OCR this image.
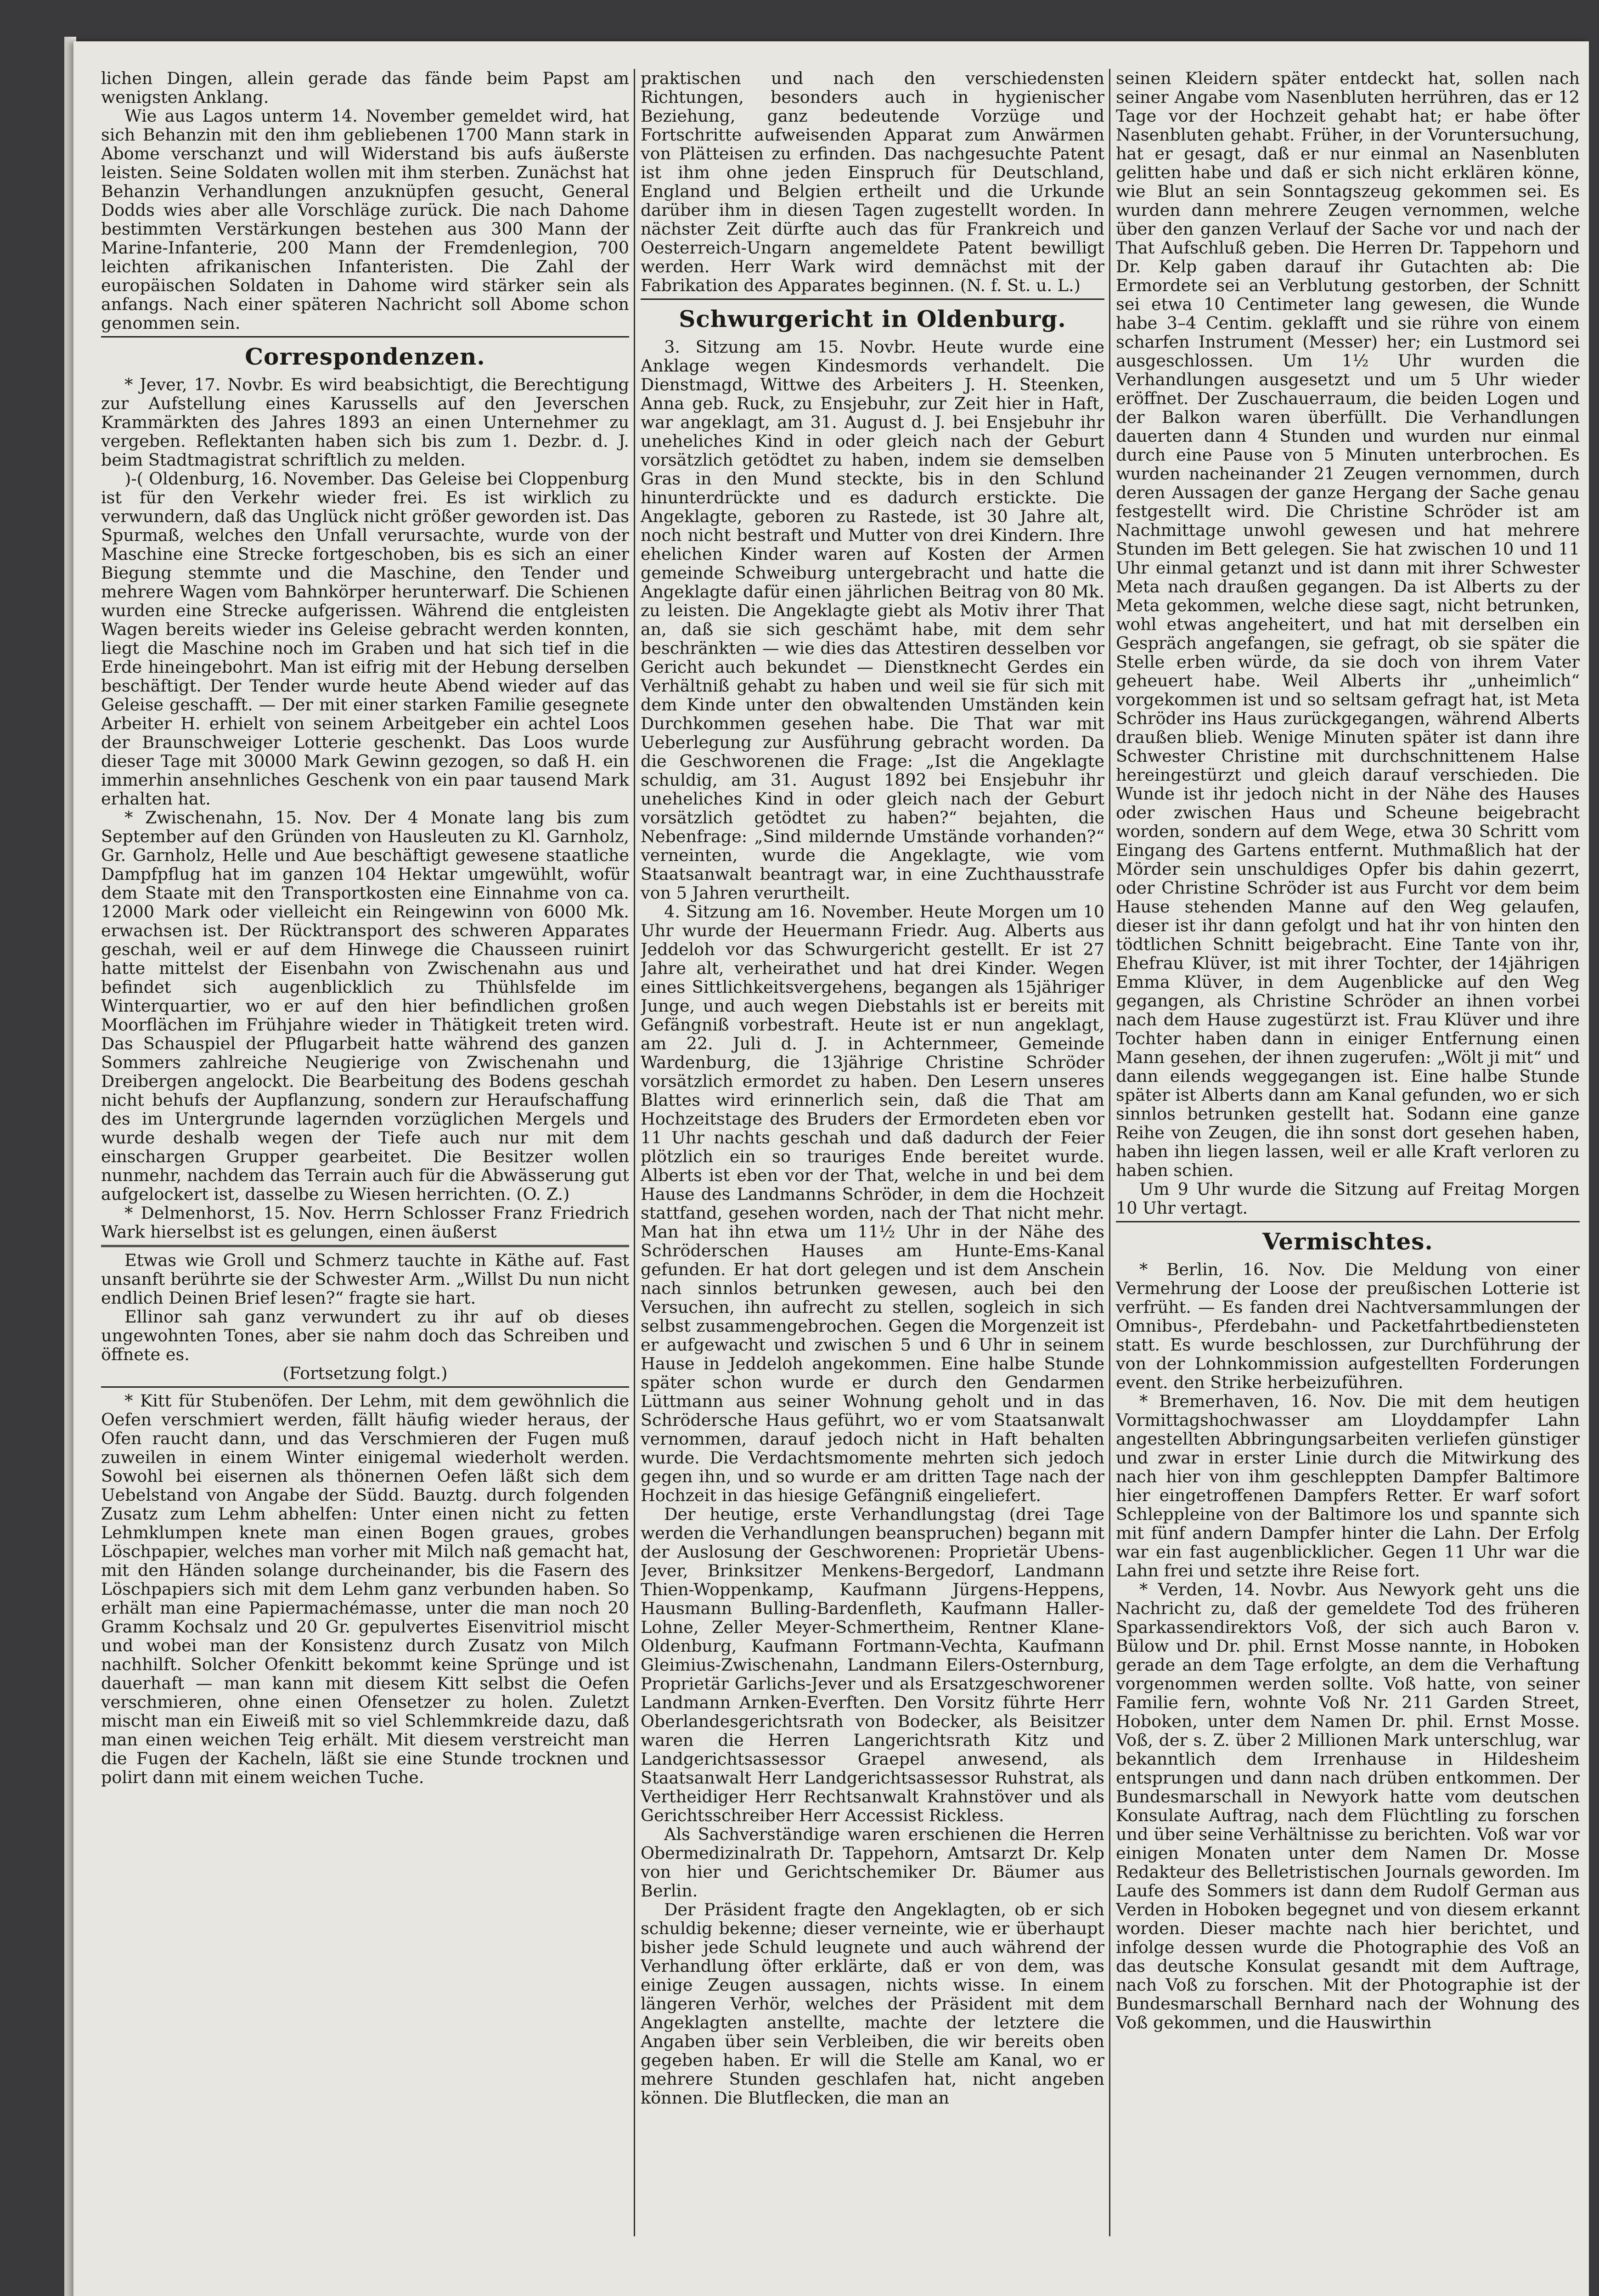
lichen Dingen, allein gerade das fände beim Papst am wenigsten Anklang.

Wie aus Lagos unterm 14. November gemeldet wird, hat sich Behanzin mit den ihm gebliebenen 1700 Mann stark in Abome verschanzt und will Widerstand bis aufs äußerste leisten. Seine Soldaten wollen mit ihm sterben. Zunächst hat Behanzin Verhandlungen anzuknüpfen gesucht, General Dodds wies aber alle Vorschläge zurück. Die nach Dahome bestimmten Verstärkungen bestehen aus 300 Mann der Marine-Infanterie, 200 Mann der Fremdenlegion, 700 leichten afrikanischen Infanteristen. Die Zahl der europäischen Soldaten in Dahome wird stärker sein als anfangs. Nach einer späteren Nachricht soll Abome schon genommen sein.

Correspondenzen.

* Jever, 17. Novbr. Es wird beabsichtigt, die Berechtigung zur Aufstellung eines Karussells auf den Jeverschen Krammärkten des Jahres 1893 an einen Unternehmer zu vergeben. Reflektanten haben sich bis zum 1. Dezbr. d. J. beim Stadtmagistrat schriftlich zu melden.

)-( Oldenburg, 16. November. Das Geleise bei Cloppenburg ist für den Verkehr wieder frei. Es ist wirklich zu verwundern, daß das Unglück nicht größer geworden ist. Das Spurmaß, welches den Unfall verursachte, wurde von der Maschine eine Strecke fortgeschoben, bis es sich an einer Biegung stemmte und die Maschine, den Tender und mehrere Wagen vom Bahnkörper herunterwarf. Die Schienen wurden eine Strecke aufgerissen. Während die entgleisten Wagen bereits wieder ins Geleise gebracht werden konnten, liegt die Maschine noch im Graben und hat sich tief in die Erde hineingebohrt. Man ist eifrig mit der Hebung derselben beschäftigt. Der Tender wurde heute Abend wieder auf das Geleise geschafft. — Der mit einer starken Familie gesegnete Arbeiter H. erhielt von seinem Arbeitgeber ein achtel Loos der Braunschweiger Lotterie geschenkt. Das Loos wurde dieser Tage mit 30000 Mark Gewinn gezogen, so daß H. ein immerhin ansehnliches Geschenk von ein paar tausend Mark erhalten hat.

* Zwischenahn, 15. Nov. Der 4 Monate lang bis zum September auf den Gründen von Hausleuten zu Kl. Garnholz, Gr. Garnholz, Helle und Aue beschäftigt gewesene staatliche Dampfpflug hat im ganzen 104 Hektar umgewühlt, wofür dem Staate mit den Transportkosten eine Einnahme von ca. 12000 Mark oder vielleicht ein Reingewinn von 6000 Mk. erwachsen ist. Der Rücktransport des schweren Apparates geschah, weil er auf dem Hinwege die Chausseen ruinirt hatte mittelst der Eisenbahn von Zwischenahn aus und befindet sich augenblicklich zu Thühlsfelde im Winterquartier, wo er auf den hier befindlichen großen Moorflächen im Frühjahre wieder in Thätigkeit treten wird. Das Schauspiel der Pflugarbeit hatte während des ganzen Sommers zahlreiche Neugierige von Zwischenahn und Dreibergen angelockt. Die Bearbeitung des Bodens geschah nicht behufs der Aupflanzung, sondern zur Heraufschaffung des im Untergrunde lagernden vorzüglichen Mergels und wurde deshalb wegen der Tiefe auch nur mit dem einschargen Grupper gearbeitet. Die Besitzer wollen nunmehr, nachdem das Terrain auch für die Abwässerung gut aufgelockert ist, dasselbe zu Wiesen herrichten. (O. Z.)

* Delmenhorst, 15. Nov. Herrn Schlosser Franz Friedrich Wark hierselbst ist es gelungen, einen äußerst

Etwas wie Groll und Schmerz tauchte in Käthe auf. Fast unsanft berührte sie der Schwester Arm. „Willst Du nun nicht endlich Deinen Brief lesen?“ fragte sie hart.

Ellinor sah ganz verwundert zu ihr auf ob dieses ungewohnten Tones, aber sie nahm doch das Schreiben und öffnete es.

(Fortsetzung folgt.)

* Kitt für Stubenöfen. Der Lehm, mit dem gewöhnlich die Oefen verschmiert werden, fällt häufig wieder heraus, der Ofen raucht dann, und das Verschmieren der Fugen muß zuweilen in einem Winter einigemal wiederholt werden. Sowohl bei eisernen als thönernen Oefen läßt sich dem Uebelstand von Angabe der Südd. Bauztg. durch folgenden Zusatz zum Lehm abhelfen: Unter einen nicht zu fetten Lehmklumpen knete man einen Bogen graues, grobes Löschpapier, welches man vorher mit Milch naß gemacht hat, mit den Händen solange durcheinander, bis die Fasern des Löschpapiers sich mit dem Lehm ganz verbunden haben. So erhält man eine Papiermachémasse, unter die man noch 20 Gramm Kochsalz und 20 Gr. gepulvertes Eisenvitriol mischt und wobei man der Konsistenz durch Zusatz von Milch nachhilft. Solcher Ofenkitt bekommt keine Sprünge und ist dauerhaft — man kann mit diesem Kitt selbst die Oefen verschmieren, ohne einen Ofensetzer zu holen. Zuletzt mischt man ein Eiweiß mit so viel Schlemmkreide dazu, daß man einen weichen Teig erhält. Mit diesem verstreicht man die Fugen der Kacheln, läßt sie eine Stunde trocknen und polirt dann mit einem weichen Tuche.

praktischen und nach den verschiedensten Richtungen, besonders auch in hygienischer Beziehung, ganz bedeutende Vorzüge und Fortschritte aufweisenden Apparat zum Anwärmen von Plätteisen zu erfinden. Das nachgesuchte Patent ist ihm ohne jeden Einspruch für Deutschland, England und Belgien ertheilt und die Urkunde darüber ihm in diesen Tagen zugestellt worden. In nächster Zeit dürfte auch das für Frankreich und Oesterreich-Ungarn angemeldete Patent bewilligt werden. Herr Wark wird demnächst mit der Fabrikation des Apparates beginnen. (N. f. St. u. L.)

Schwurgericht in Oldenburg.

3. Sitzung am 15. Novbr. Heute wurde eine Anklage wegen Kindesmords verhandelt. Die Dienstmagd, Wittwe des Arbeiters J. H. Steenken, Anna geb. Ruck, zu Ensjebuhr, zur Zeit hier in Haft, war angeklagt, am 31. August d. J. bei Ensjebuhr ihr uneheliches Kind in oder gleich nach der Geburt vorsätzlich getödtet zu haben, indem sie demselben Gras in den Mund steckte, bis in den Schlund hinunterdrückte und es dadurch erstickte. Die Angeklagte, geboren zu Rastede, ist 30 Jahre alt, noch nicht bestraft und Mutter von drei Kindern. Ihre ehelichen Kinder waren auf Kosten der Armen gemeinde Schweiburg untergebracht und hatte die Angeklagte dafür einen jährlichen Beitrag von 80 Mk. zu leisten. Die Angeklagte giebt als Motiv ihrer That an, daß sie sich geschämt habe, mit dem sehr beschränkten — wie dies das Attestiren desselben vor Gericht auch bekundet — Dienstknecht Gerdes ein Verhältniß gehabt zu haben und weil sie für sich mit dem Kinde unter den obwaltenden Umständen kein Durchkommen gesehen habe. Die That war mit Ueberlegung zur Ausführung gebracht worden. Da die Geschworenen die Frage: „Ist die Angeklagte schuldig, am 31. August 1892 bei Ensjebuhr ihr uneheliches Kind in oder gleich nach der Geburt vorsätzlich getödtet zu haben?“ bejahten, die Nebenfrage: „Sind mildernde Umstände vorhanden?“ verneinten, wurde die Angeklagte, wie vom Staatsanwalt beantragt war, in eine Zuchthausstrafe von 5 Jahren verurtheilt.

4. Sitzung am 16. November. Heute Morgen um 10 Uhr wurde der Heuermann Friedr. Aug. Alberts aus Jeddeloh vor das Schwurgericht gestellt. Er ist 27 Jahre alt, verheirathet und hat drei Kinder. Wegen eines Sittlichkeitsvergehens, begangen als 15jähriger Junge, und auch wegen Diebstahls ist er bereits mit Gefängniß vorbestraft. Heute ist er nun angeklagt, am 22. Juli d. J. in Achternmeer, Gemeinde Wardenburg, die 13jährige Christine Schröder vorsätzlich ermordet zu haben. Den Lesern unseres Blattes wird erinnerlich sein, daß die That am Hochzeitstage des Bruders der Ermordeten eben vor 11 Uhr nachts geschah und daß dadurch der Feier plötzlich ein so trauriges Ende bereitet wurde. Alberts ist eben vor der That, welche in und bei dem Hause des Landmanns Schröder, in dem die Hochzeit stattfand, gesehen worden, nach der That nicht mehr. Man hat ihn etwa um 11½ Uhr in der Nähe des Schröderschen Hauses am Hunte-Ems-Kanal gefunden. Er hat dort gelegen und ist dem Anschein nach sinnlos betrunken gewesen, auch bei den Versuchen, ihn aufrecht zu stellen, sogleich in sich selbst zusammengebrochen. Gegen die Morgenzeit ist er aufgewacht und zwischen 5 und 6 Uhr in seinem Hause in Jeddeloh angekommen. Eine halbe Stunde später schon wurde er durch den Gendarmen Lüttmann aus seiner Wohnung geholt und in das Schrödersche Haus geführt, wo er vom Staatsanwalt vernommen, darauf jedoch nicht in Haft behalten wurde. Die Verdachtsmomente mehrten sich jedoch gegen ihn, und so wurde er am dritten Tage nach der Hochzeit in das hiesige Gefängniß eingeliefert.

Der heutige, erste Verhandlungstag (drei Tage werden die Verhandlungen beanspruchen) begann mit der Auslosung der Geschworenen: Proprietär Ubens-Jever, Brinksitzer Menkens-Bergedorf, Landmann Thien-Woppenkamp, Kaufmann Jürgens-Heppens, Hausmann Bulling-Bardenfleth, Kaufmann Haller-Lohne, Zeller Meyer-Schmertheim, Rentner Klane-Oldenburg, Kaufmann Fortmann-Vechta, Kaufmann Gleimius-Zwischenahn, Landmann Eilers-Osternburg, Proprietär Garlichs-Jever und als Ersatzgeschworener Landmann Arnken-Everften. Den Vorsitz führte Herr Oberlandesgerichtsrath von Bodecker, als Beisitzer waren die Herren Langerichtsrath Kitz und Landgerichtsassessor Graepel anwesend, als Staatsanwalt Herr Landgerichtsassessor Ruhstrat, als Vertheidiger Herr Rechtsanwalt Krahnstöver und als Gerichtsschreiber Herr Accessist Rickless.

Als Sachverständige waren erschienen die Herren Obermedizinalrath Dr. Tappehorn, Amtsarzt Dr. Kelp von hier und Gerichtschemiker Dr. Bäumer aus Berlin.

Der Präsident fragte den Angeklagten, ob er sich schuldig bekenne; dieser verneinte, wie er überhaupt bisher jede Schuld leugnete und auch während der Verhandlung öfter erklärte, daß er von dem, was einige Zeugen aussagen, nichts wisse. In einem längeren Verhör, welches der Präsident mit dem Angeklagten anstellte, machte der letztere die Angaben über sein Verbleiben, die wir bereits oben gegeben haben. Er will die Stelle am Kanal, wo er mehrere Stunden geschlafen hat, nicht angeben können. Die Blutflecken, die man an

seinen Kleidern später entdeckt hat, sollen nach seiner Angabe vom Nasenbluten herrühren, das er 12 Tage vor der Hochzeit gehabt hat; er habe öfter Nasenbluten gehabt. Früher, in der Voruntersuchung, hat er gesagt, daß er nur einmal an Nasenbluten gelitten habe und daß er sich nicht erklären könne, wie Blut an sein Sonntagszeug gekommen sei. Es wurden dann mehrere Zeugen vernommen, welche über den ganzen Verlauf der Sache vor und nach der That Aufschluß geben. Die Herren Dr. Tappehorn und Dr. Kelp gaben darauf ihr Gutachten ab: Die Ermordete sei an Verblutung gestorben, der Schnitt sei etwa 10 Centimeter lang gewesen, die Wunde habe 3–4 Centim. geklafft und sie rühre von einem scharfen Instrument (Messer) her; ein Lustmord sei ausgeschlossen. Um 1½ Uhr wurden die Verhandlungen ausgesetzt und um 5 Uhr wieder eröffnet. Der Zuschauerraum, die beiden Logen und der Balkon waren überfüllt. Die Verhandlungen dauerten dann 4 Stunden und wurden nur einmal durch eine Pause von 5 Minuten unterbrochen. Es wurden nacheinander 21 Zeugen vernommen, durch deren Aussagen der ganze Hergang der Sache genau festgestellt wird. Die Christine Schröder ist am Nachmittage unwohl gewesen und hat mehrere Stunden im Bett gelegen. Sie hat zwischen 10 und 11 Uhr einmal getanzt und ist dann mit ihrer Schwester Meta nach draußen gegangen. Da ist Alberts zu der Meta gekommen, welche diese sagt, nicht betrunken, wohl etwas angeheitert, und hat mit derselben ein Gespräch angefangen, sie gefragt, ob sie später die Stelle erben würde, da sie doch von ihrem Vater geheuert habe. Weil Alberts ihr „unheimlich“ vorgekommen ist und so seltsam gefragt hat, ist Meta Schröder ins Haus zurückgegangen, während Alberts draußen blieb. Wenige Minuten später ist dann ihre Schwester Christine mit durchschnittenem Halse hereingestürzt und gleich darauf verschieden. Die Wunde ist ihr jedoch nicht in der Nähe des Hauses oder zwischen Haus und Scheune beigebracht worden, sondern auf dem Wege, etwa 30 Schritt vom Eingang des Gartens entfernt. Muthmaßlich hat der Mörder sein unschuldiges Opfer bis dahin gezerrt, oder Christine Schröder ist aus Furcht vor dem beim Hause stehenden Manne auf den Weg gelaufen, dieser ist ihr dann gefolgt und hat ihr von hinten den tödtlichen Schnitt beigebracht. Eine Tante von ihr, Ehefrau Klüver, ist mit ihrer Tochter, der 14jährigen Emma Klüver, in dem Augenblicke auf den Weg gegangen, als Christine Schröder an ihnen vorbei nach dem Hause zugestürzt ist. Frau Klüver und ihre Tochter haben dann in einiger Entfernung einen Mann gesehen, der ihnen zugerufen: „Wölt ji mit“ und dann eilends weggegangen ist. Eine halbe Stunde später ist Alberts dann am Kanal gefunden, wo er sich sinnlos betrunken gestellt hat. Sodann eine ganze Reihe von Zeugen, die ihn sonst dort gesehen haben, haben ihn liegen lassen, weil er alle Kraft verloren zu haben schien.

Um 9 Uhr wurde die Sitzung auf Freitag Morgen 10 Uhr vertagt.

Vermischtes.

* Berlin, 16. Nov. Die Meldung von einer Vermehrung der Loose der preußischen Lotterie ist verfrüht. — Es fanden drei Nachtversammlungen der Omnibus-, Pferdebahn- und Packetfahrtbediensteten statt. Es wurde beschlossen, zur Durchführung der von der Lohnkommission aufgestellten Forderungen event. den Strike herbeizuführen.

* Bremerhaven, 16. Nov. Die mit dem heutigen Vormittagshochwasser am Lloyddampfer Lahn angestellten Abbringungsarbeiten verliefen günstiger und zwar in erster Linie durch die Mitwirkung des nach hier von ihm geschleppten Dampfer Baltimore hier eingetroffenen Dampfers Retter. Er warf sofort Schleppleine von der Baltimore los und spannte sich mit fünf andern Dampfer hinter die Lahn. Der Erfolg war ein fast augenblicklicher. Gegen 11 Uhr war die Lahn frei und setzte ihre Reise fort.

* Verden, 14. Novbr. Aus Newyork geht uns die Nachricht zu, daß der gemeldete Tod des früheren Sparkassendirektors Voß, der sich auch Baron v. Bülow und Dr. phil. Ernst Mosse nannte, in Hoboken gerade an dem Tage erfolgte, an dem die Verhaftung vorgenommen werden sollte. Voß hatte, von seiner Familie fern, wohnte Voß Nr. 211 Garden Street, Hoboken, unter dem Namen Dr. phil. Ernst Mosse. Voß, der s. Z. über 2 Millionen Mark unterschlug, war bekanntlich dem Irrenhause in Hildesheim entsprungen und dann nach drüben entkommen. Der Bundesmarschall in Newyork hatte vom deutschen Konsulate Auftrag, nach dem Flüchtling zu forschen und über seine Verhältnisse zu berichten. Voß war vor einigen Monaten unter dem Namen Dr. Mosse Redakteur des Belletristischen Journals geworden. Im Laufe des Sommers ist dann dem Rudolf German aus Verden in Hoboken begegnet und von diesem erkannt worden. Dieser machte nach hier berichtet, und infolge dessen wurde die Photographie des Voß an das deutsche Konsulat gesandt mit dem Auftrage, nach Voß zu forschen. Mit der Photographie ist der Bundesmarschall Bernhard nach der Wohnung des Voß gekommen, und die Hauswirthin
